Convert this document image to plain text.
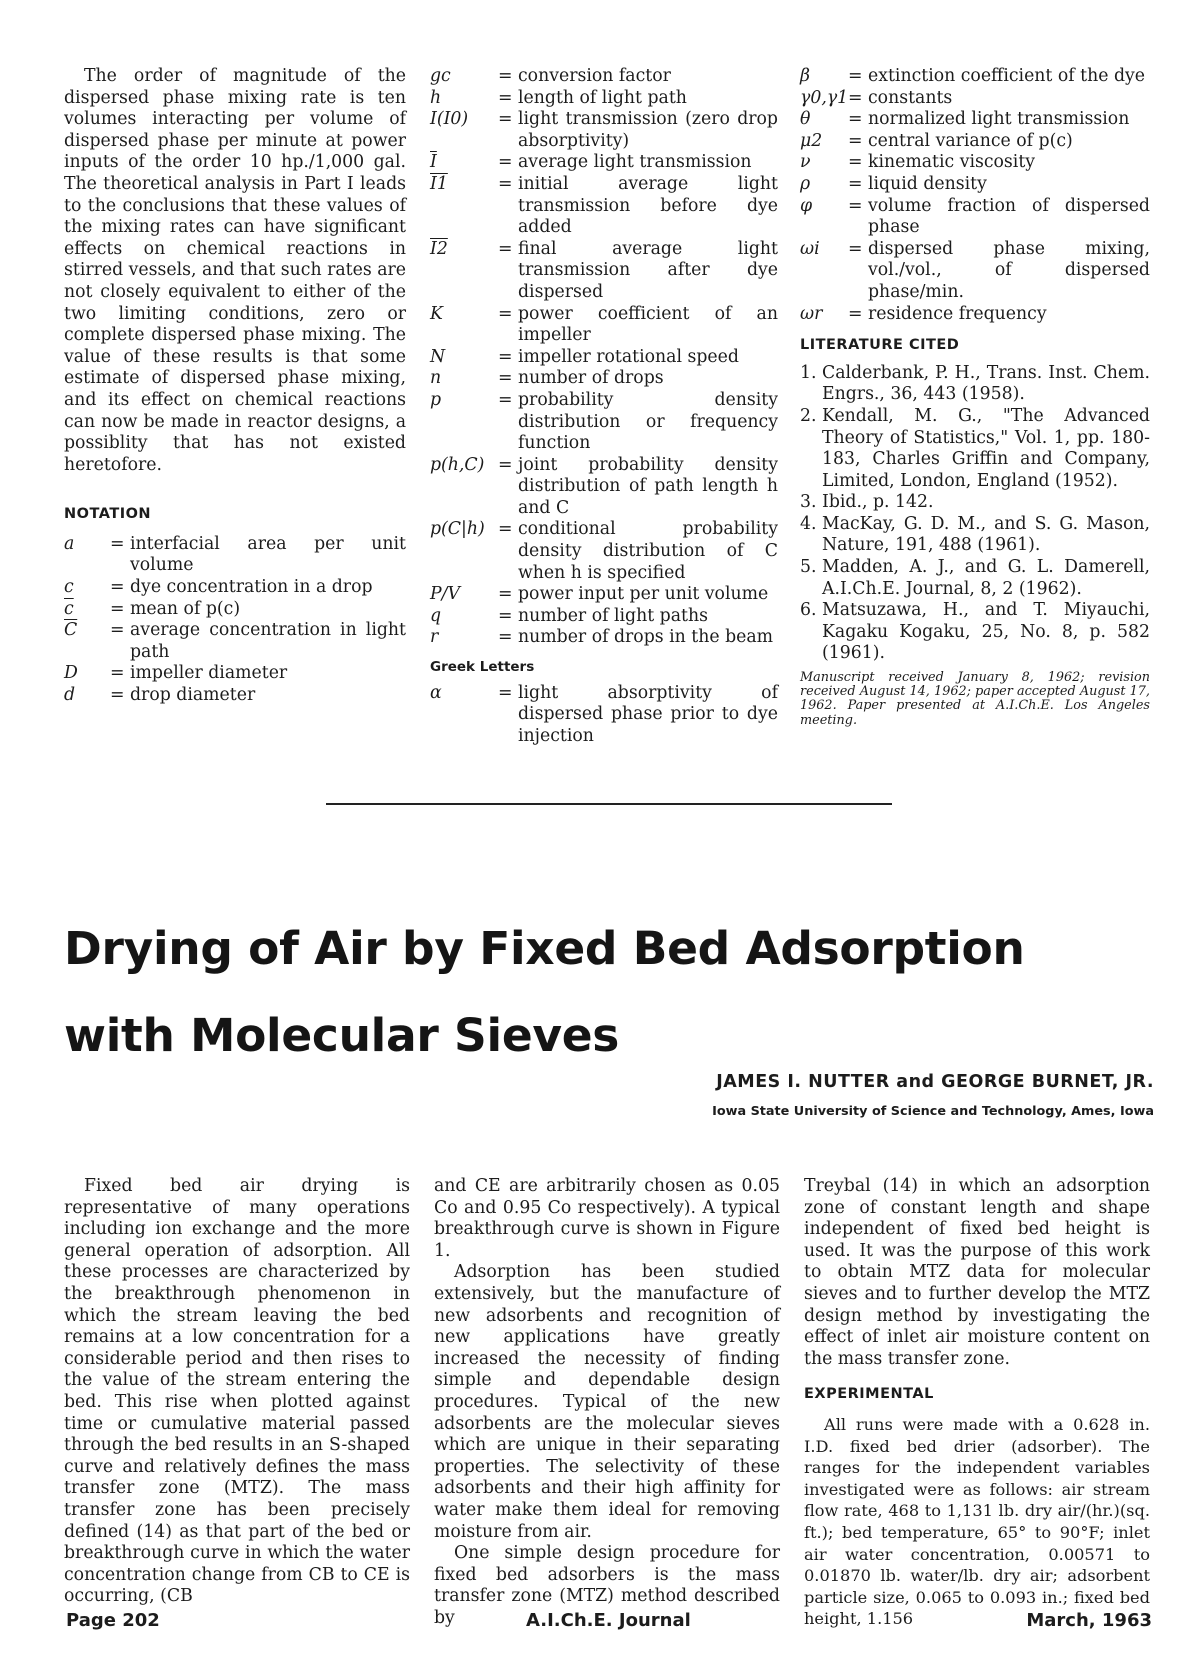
The order of magnitude of the dispersed phase mixing rate is ten volumes interacting per volume of dispersed phase per minute at power inputs of the order 10 hp./1,000 gal. The theoretical analysis in Part I leads to the conclusions that these values of the mixing rates can have significant effects on chemical reactions in stirred vessels, and that such rates are not closely equivalent to either of the two limiting conditions, zero or complete dispersed phase mixing. The value of these results is that some estimate of dispersed phase mixing, and its effect on chemical reactions can now be made in reactor designs, a possiblity that has not existed heretofore.

NOTATION

a	= interfacial area per unit volume
c	= dye concentration in a drop
$\overline{c}$	= mean of p(c)
$\overline{C}$	= average concentration in light path
D	= impeller diameter
d	= drop diameter
gc	= conversion factor
h	= length of light path
I(I0)	= light transmission (zero drop absorptivity)
$\overline{I}$	= average light transmission
I1	= initial average light transmission before dye added
I2	= final average light transmission after dye dispersed
K	= power coefficient of an impeller
N	= impeller rotational speed
n	= number of drops
p	= probability density distribution or frequency function
p(h,C) = joint probability density distribution of path length h and C
p(C|h) = conditional probability density distribution of C when h is specified
P/V	= power input per unit volume
q	= number of light paths
r	= number of drops in the beam

Greek Letters

α	= light absorptivity of dispersed phase prior to dye injection
β	= extinction coefficient of the dye
γ0,γ1 = constants
θ	= normalized light transmission
μ2	= central variance of p(c)
ν	= kinematic viscosity
ρ	= liquid density
φ	= volume fraction of dispersed phase
ωi	= dispersed phase mixing, vol./vol., of dispersed phase/min.
ωr	= residence frequency

LITERATURE CITED

1. Calderbank, P. H., Trans. Inst. Chem. Engrs., 36, 443 (1958).
2. Kendall, M. G., "The Advanced Theory of Statistics," Vol. 1, pp. 180-183, Charles Griffin and Company, Limited, London, England (1952).
3. Ibid., p. 142.
4. MacKay, G. D. M., and S. G. Mason, Nature, 191, 488 (1961).
5. Madden, A. J., and G. L. Damerell, A.I.Ch.E. Journal, 8, 2 (1962).
6. Matsuzawa, H., and T. Miyauchi, Kagaku Kogaku, 25, No. 8, p. 582 (1961).

Manuscript received January 8, 1962; revision received August 14, 1962; paper accepted August 17, 1962. Paper presented at A.I.Ch.E. Los Angeles meeting.

Drying of Air by Fixed Bed Adsorption
with Molecular Sieves
JAMES I. NUTTER and GEORGE BURNET, JR.
Iowa State University of Science and Technology, Ames, Iowa

Fixed bed air drying is representative of many operations including ion exchange and the more general operation of adsorption. All these processes are characterized by the breakthrough phenomenon in which the stream leaving the bed remains at a low concentration for a considerable period and then rises to the value of the stream entering the bed. This rise when plotted against time or cumulative material passed through the bed results in an S-shaped curve and relatively defines the mass transfer zone (MTZ). The mass transfer zone has been precisely defined (14) as that part of the bed or breakthrough curve in which the water concentration change from CB to CE is occurring, (CB

and CE are arbitrarily chosen as 0.05 Co and 0.95 Co respectively). A typical breakthrough curve is shown in Figure 1.

Adsorption has been studied extensively, but the manufacture of new adsorbents and recognition of new applications have greatly increased the necessity of finding simple and dependable design procedures. Typical of the new adsorbents are the molecular sieves which are unique in their separating properties. The selectivity of these adsorbents and their high affinity for water make them ideal for removing moisture from air.

One simple design procedure for fixed bed adsorbers is the mass transfer zone (MTZ) method described by

Treybal (14) in which an adsorption zone of constant length and shape independent of fixed bed height is used. It was the purpose of this work to obtain MTZ data for molecular sieves and to further develop the MTZ design method by investigating the effect of inlet air moisture content on the mass transfer zone.

EXPERIMENTAL

All runs were made with a 0.628 in. I.D. fixed bed drier (adsorber). The ranges for the independent variables investigated were as follows: air stream flow rate, 468 to 1,131 lb. dry air/(hr.)(sq. ft.); bed temperature, 65° to 90°F; inlet air water concentration, 0.00571 to 0.01870 lb. water/lb. dry air; adsorbent particle size, 0.065 to 0.093 in.; fixed bed height, 1.156

Page 202	A.I.Ch.E. Journal	March, 1963
